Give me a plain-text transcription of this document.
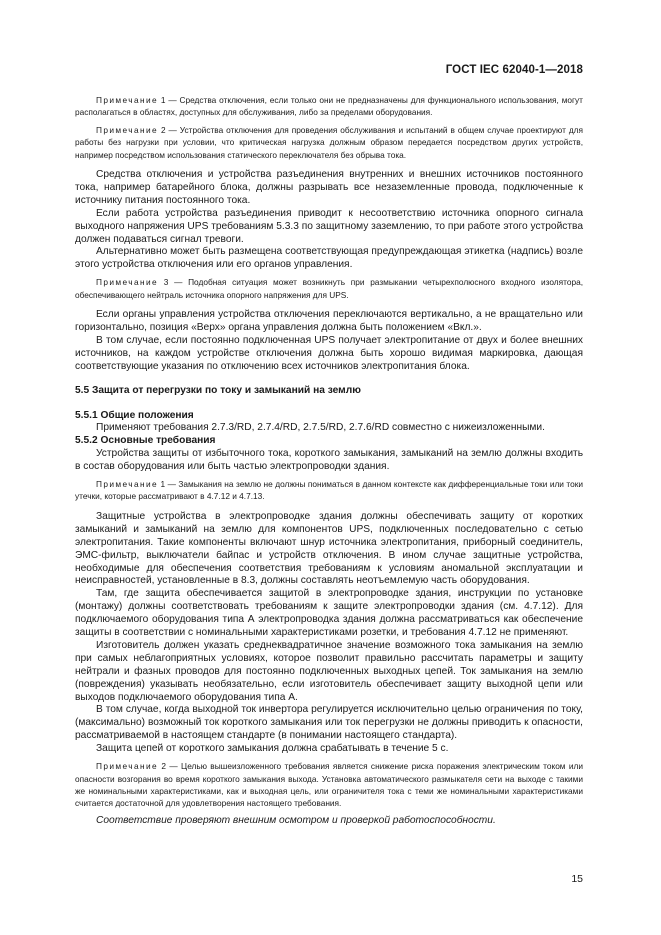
ГОСТ IEC 62040-1—2018

Примечание 1 — Средства отключения, если только они не предназначены для функционального использования, могут располагаться в областях, доступных для обслуживания, либо за пределами оборудования.

Примечание 2 — Устройства отключения для проведения обслуживания и испытаний в общем случае проектируют для работы без нагрузки при условии, что критическая нагрузка должным образом передается посредством других устройств, например посредством использования статического переключателя без обрыва тока.

Средства отключения и устройства разъединения внутренних и внешних источников постоянного тока, например батарейного блока, должны разрывать все незаземленные провода, подключенные к источнику питания постоянного тока.

Если работа устройства разъединения приводит к несоответствию источника опорного сигнала выходного напряжения UPS требованиям 5.3.3 по защитному заземлению, то при работе этого устройства должен подаваться сигнал тревоги.

Альтернативно может быть размещена соответствующая предупреждающая этикетка (надпись) возле этого устройства отключения или его органов управления.

Примечание 3 — Подобная ситуация может возникнуть при размыкании четырехполюсного входного изолятора, обеспечивающего нейтраль источника опорного напряжения для UPS.

Если органы управления устройства отключения переключаются вертикально, а не вращательно или горизонтально, позиция «Верх» органа управления должна быть положением «Вкл.».

В том случае, если постоянно подключенная UPS получает электропитание от двух и более внешних источников, на каждом устройстве отключения должна быть хорошо видимая маркировка, дающая соответствующие указания по отключению всех источников электропитания блока.

5.5 Защита от перегрузки по току и замыканий на землю
5.5.1 Общие положения

Применяют требования 2.7.3/RD, 2.7.4/RD, 2.7.5/RD, 2.7.6/RD совместно с нижеизложенными.

5.5.2 Основные требования

Устройства защиты от избыточного тока, короткого замыкания, замыканий на землю должны входить в состав оборудования или быть частью электропроводки здания.

Примечание 1 — Замыкания на землю не должны пониматься в данном контексте как дифференциальные токи или токи утечки, которые рассматривают в 4.7.12 и 4.7.13.

Защитные устройства в электропроводке здания должны обеспечивать защиту от коротких замыканий и замыканий на землю для компонентов UPS, подключенных последовательно с сетью электропитания. Такие компоненты включают шнур источника электропитания, приборный соединитель, ЭМС-фильтр, выключатели байпас и устройств отключения. В ином случае защитные устройства, необходимые для обеспечения соответствия требованиям к условиям аномальной эксплуатации и неисправностей, установленные в 8.3, должны составлять неотъемлемую часть оборудования.

Там, где защита обеспечивается защитой в электропроводке здания, инструкции по установке (монтажу) должны соответствовать требованиям к защите электропроводки здания (см. 4.7.12). Для подключаемого оборудования типа А электропроводка здания должна рассматриваться как обеспечение защиты в соответствии с номинальными характеристиками розетки, и требования 4.7.12 не применяют.

Изготовитель должен указать среднеквадратичное значение возможного тока замыкания на землю при самых неблагоприятных условиях, которое позволит правильно рассчитать параметры и защиту нейтрали и фазных проводов для постоянно подключенных выходных цепей. Ток замыкания на землю (повреждения) указывать необязательно, если изготовитель обеспечивает защиту выходной цепи или выходов подключаемого оборудования типа А.

В том случае, когда выходной ток инвертора регулируется исключительно целью ограничения по току, (максимально) возможный ток короткого замыкания или ток перегрузки не должны приводить к опасности, рассматриваемой в настоящем стандарте (в понимании настоящего стандарта).

Защита цепей от короткого замыкания должна срабатывать в течение 5 с.

Примечание 2 — Целью вышеизложенного требования является снижение риска поражения электрическим током или опасности возгорания во время короткого замыкания выхода. Установка автоматического размыкателя сети на выходе с такими же номинальными характеристиками, как и выходная цель, или ограничителя тока с теми же номинальными характеристиками считается достаточной для удовлетворения настоящего требования.

Соответствие проверяют внешним осмотром и проверкой работоспособности.

15
